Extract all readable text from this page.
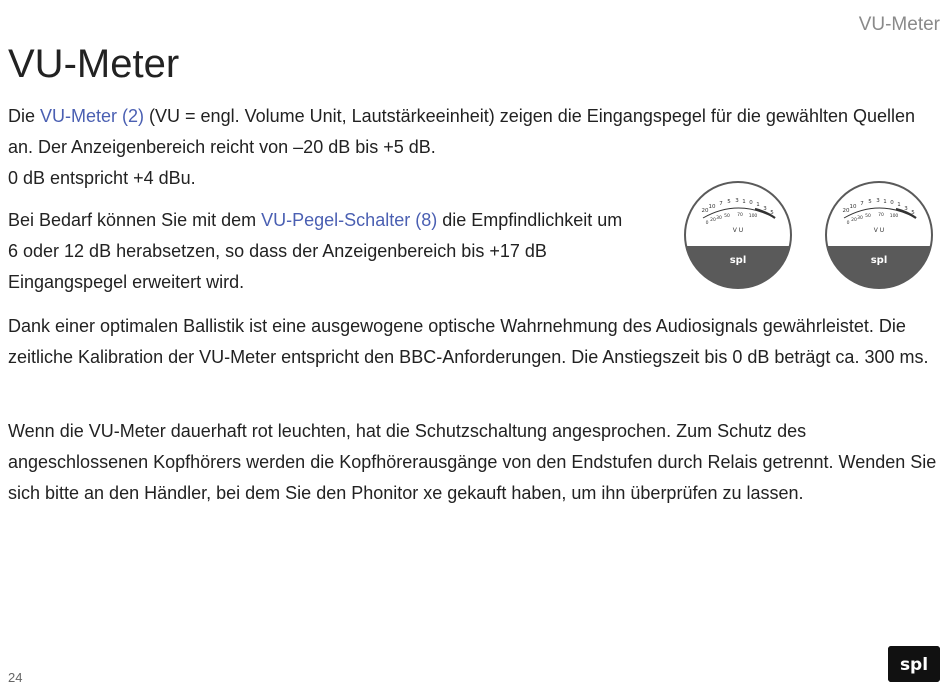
VU-Meter
VU-Meter

Die VU-Meter (2) (VU = engl. Volume Unit, Lautstärkeeinheit) zeigen die Eingangspegel für die gewählten Quellen an. Der Anzeigenbereich reicht von –20 dB bis +5 dB.
0 dB entspricht +4 dBu.

Bei Bedarf können Sie mit dem VU-Pegel-Schalter (8) die Empfindlichkeit um 6 oder 12 dB herabsetzen, so dass der Anzeigenbereich bis +17 dB Eingangspegel erweitert wird.

Dank einer optimalen Ballistik ist eine ausgewogene optische Wahrnehmung des Audiosignals gewährleistet. Die zeitliche Kalibration der VU-Meter entspricht den BBC-Anforderungen. Die Anstiegszeit bis 0 dB beträgt ca. 300 ms.

Wenn die VU-Meter dauerhaft rot leuchten, hat die Schutzschaltung angesprochen. Zum Schutz des angeschlossenen Kopfhörers werden die Kopfhörerausgänge von den Endstufen durch Relais getrennt. Wenden Sie sich bitte an den Händler, bei dem Sie den Phonitor xe gekauft haben, um ihn überprüfen zu lassen.

20
10 7 5 3 1 0 1
3
5
0
20 30 50 70 100
V U
spl
20
10 7 5 3 1 0 1
3
5
0
20 30 50 70 100
V U
spl
24
spl
